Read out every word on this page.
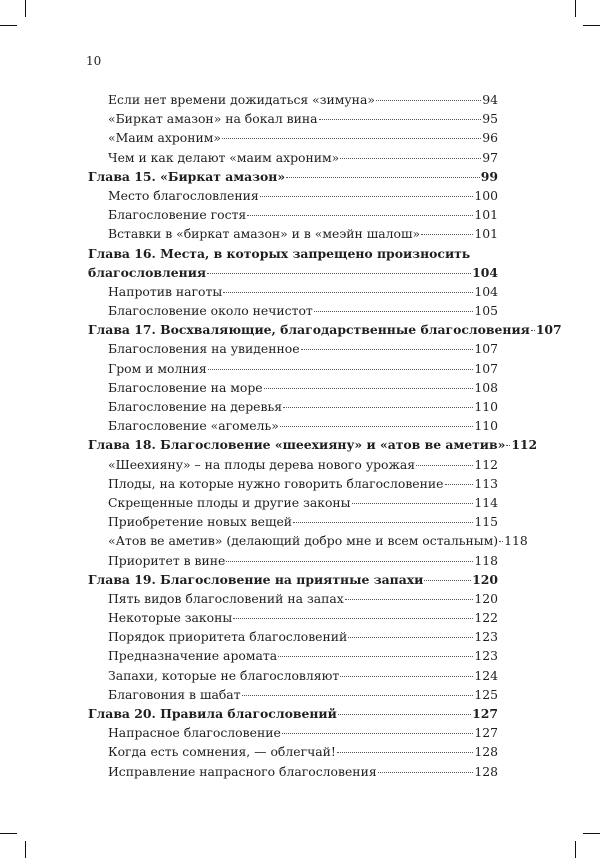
10
Если нет времени дожидаться «зимуна»	94
«Биркат амазон» на бокал вина	95
«Маим ахроним»	96
Чем и как делают «маим ахроним»	97
Глава 15. «Биркат амазон»	99
Место благословления	100
Благословение гостя	101
Вставки в «биркат амазон» и в «меэйн шалош»	101
Глава 16. Места, в которых запрещено произносить
благословления	104
Напротив наготы	104
Благословение около нечистот	105
Глава 17. Восхваляющие, благодарственные благословения 107
Благословения на увиденное	107
Гром и молния	107
Благословение на море	108
Благословение на деревья	110
Благословение «агомель»	110
Глава 18. Благословение «шеехияну» и «атов ве аметив» 112
«Шеехияну» – на плоды дерева нового урожая	112
Плоды, на которые нужно говорить благословение 113
Скрещенные плоды и другие законы	114
Приобретение новых вещей	115
«Атов ве аметив» (делающий добро мне и всем остальным) 118
Приоритет в вине	118
Глава 19. Благословение на приятные запахи	120
Пять видов благословений на запах	120
Некоторые законы	122
Порядок приоритета благословений	123
Предназначение аромата	123
Запахи, которые не благословляют	124
Благовония в шабат	125
Глава 20. Правила благословений	127
Напрасное благословение	127
Когда есть сомнения, — облегчай!	128
Исправление напрасного благословения	128
